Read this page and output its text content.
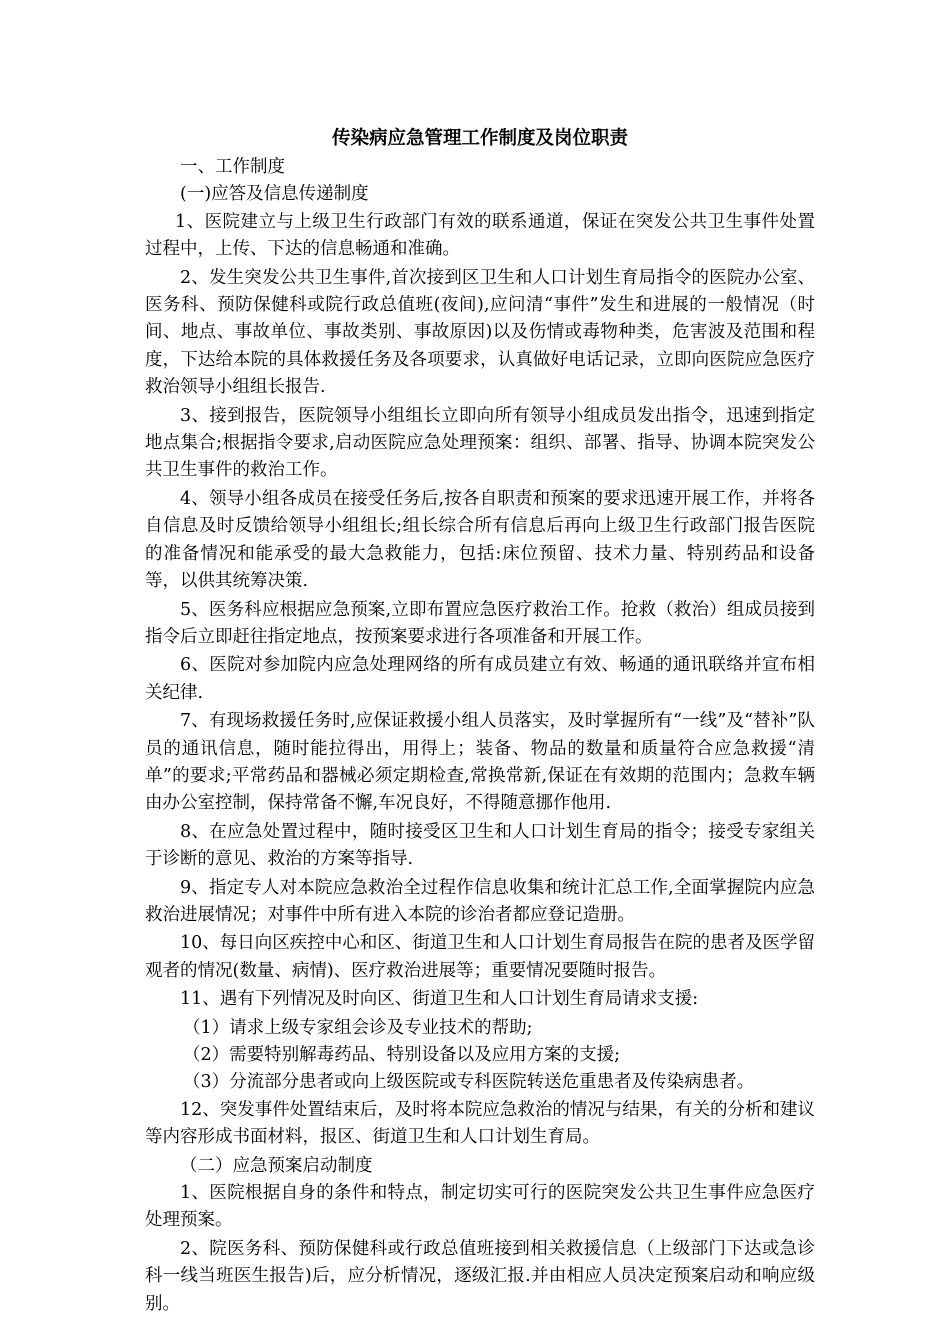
传染病应急管理工作制度及岗位职责
一、工作制度
(一)应答及信息传递制度

1、医院建立与上级卫生行政部门有效的联系通道，保证在突发公共卫生事件处置过程中，上传、下达的信息畅通和准确。

2、发生突发公共卫生事件,首次接到区卫生和人口计划生育局指令的医院办公室、医务科、预防保健科或院行政总值班(夜间),应问清“事件”发生和进展的一般情况（时间、地点、事故单位、事故类别、事故原因)以及伤情或毒物种类，危害波及范围和程度，下达给本院的具体救援任务及各项要求，认真做好电话记录，立即向医院应急医疗救治领导小组组长报告.

3、接到报告，医院领导小组组长立即向所有领导小组成员发出指令，迅速到指定地点集合;根据指令要求,启动医院应急处理预案：组织、部署、指导、协调本院突发公共卫生事件的救治工作。

4、领导小组各成员在接受任务后,按各自职责和预案的要求迅速开展工作，并将各自信息及时反馈给领导小组组长;组长综合所有信息后再向上级卫生行政部门报告医院的准备情况和能承受的最大急救能力，包括:床位预留、技术力量、特别药品和设备等，以供其统筹决策.

5、医务科应根据应急预案,立即布置应急医疗救治工作。抢救（救治）组成员接到指令后立即赶往指定地点，按预案要求进行各项准备和开展工作。

6、医院对参加院内应急处理网络的所有成员建立有效、畅通的通讯联络并宣布相关纪律.

7、有现场救援任务时,应保证救援小组人员落实，及时掌握所有“一线”及“替补”队员的通讯信息，随时能拉得出，用得上；装备、物品的数量和质量符合应急救援“清单”的要求;平常药品和器械必须定期检查,常换常新,保证在有效期的范围内；急救车辆由办公室控制，保持常备不懈,车况良好，不得随意挪作他用.

8、在应急处置过程中，随时接受区卫生和人口计划生育局的指令；接受专家组关于诊断的意见、救治的方案等指导.

9、指定专人对本院应急救治全过程作信息收集和统计汇总工作,全面掌握院内应急救治进展情况；对事件中所有进入本院的诊治者都应登记造册。

10、每日向区疾控中心和区、街道卫生和人口计划生育局报告在院的患者及医学留观者的情况(数量、病情)、医疗救治进展等；重要情况要随时报告。

11、遇有下列情况及时向区、街道卫生和人口计划生育局请求支援:

（1）请求上级专家组会诊及专业技术的帮助;

（2）需要特别解毒药品、特别设备以及应用方案的支援;

（3）分流部分患者或向上级医院或专科医院转送危重患者及传染病患者。

12、突发事件处置结束后，及时将本院应急救治的情况与结果，有关的分析和建议等内容形成书面材料，报区、街道卫生和人口计划生育局。

（二）应急预案启动制度

1、医院根据自身的条件和特点，制定切实可行的医院突发公共卫生事件应急医疗处理预案。

2、院医务科、预防保健科或行政总值班接到相关救援信息（上级部门下达或急诊科一线当班医生报告)后，应分析情况，逐级汇报.并由相应人员决定预案启动和响应级别。
